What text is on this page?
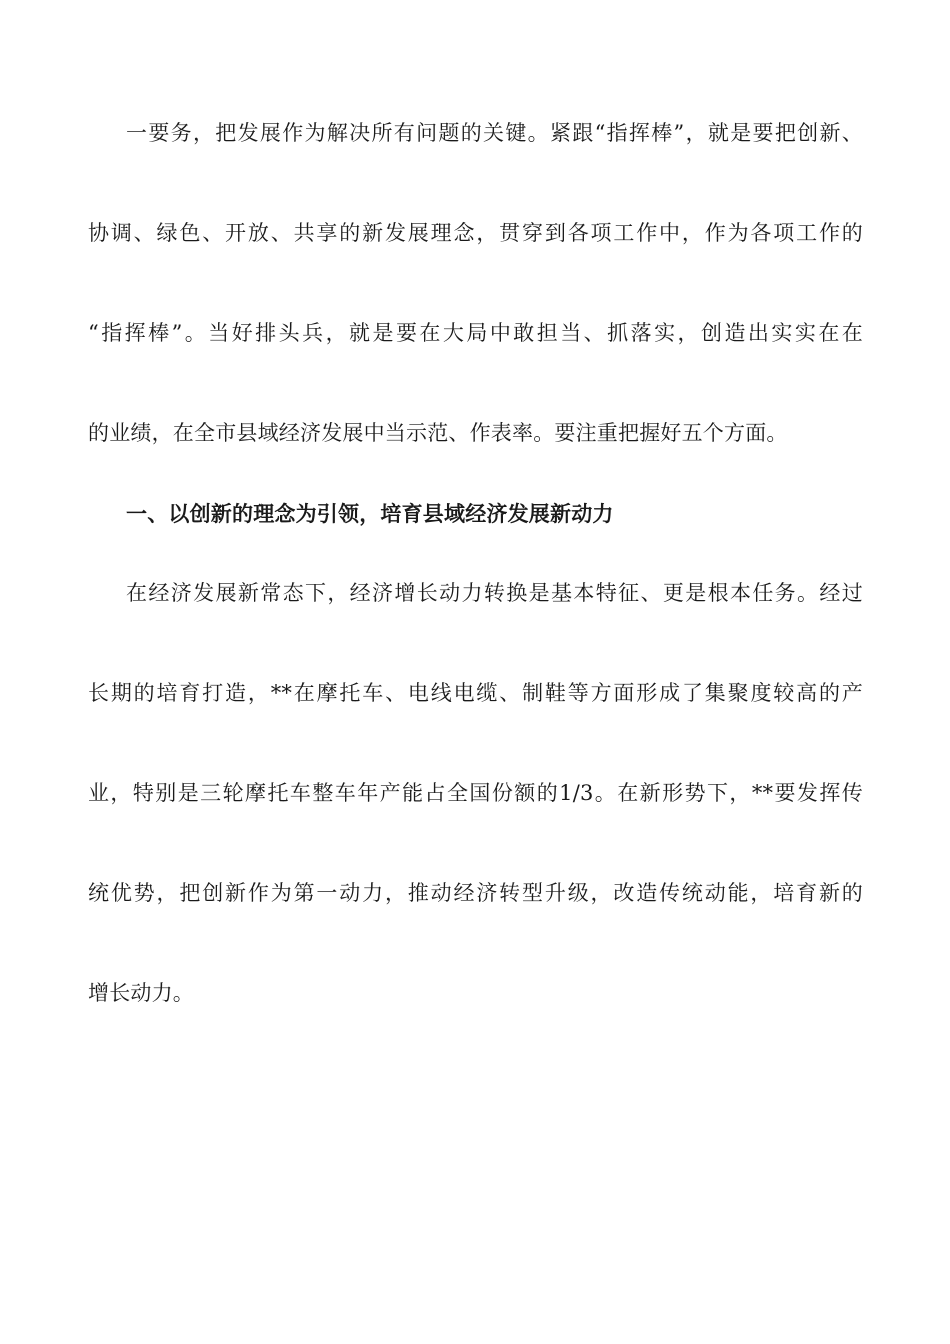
一要务，把发展作为解决所有问题的关键。紧跟“指挥棒”，就是要把创新、
协调、绿色、开放、共享的新发展理念，贯穿到各项工作中，作为各项工作的
“指挥棒”。当好排头兵，就是要在大局中敢担当、抓落实，创造出实实在在
的业绩，在全市县域经济发展中当示范、作表率。要注重把握好五个方面。
一、以创新的理念为引领，培育县域经济发展新动力
在经济发展新常态下，经济增长动力转换是基本特征、更是根本任务。经过
长期的培育打造，**在摩托车、电线电缆、制鞋等方面形成了集聚度较高的产
业，特别是三轮摩托车整车年产能占全国份额的1/3。在新形势下，**要发挥传
统优势，把创新作为第一动力，推动经济转型升级，改造传统动能，培育新的
增长动力。
